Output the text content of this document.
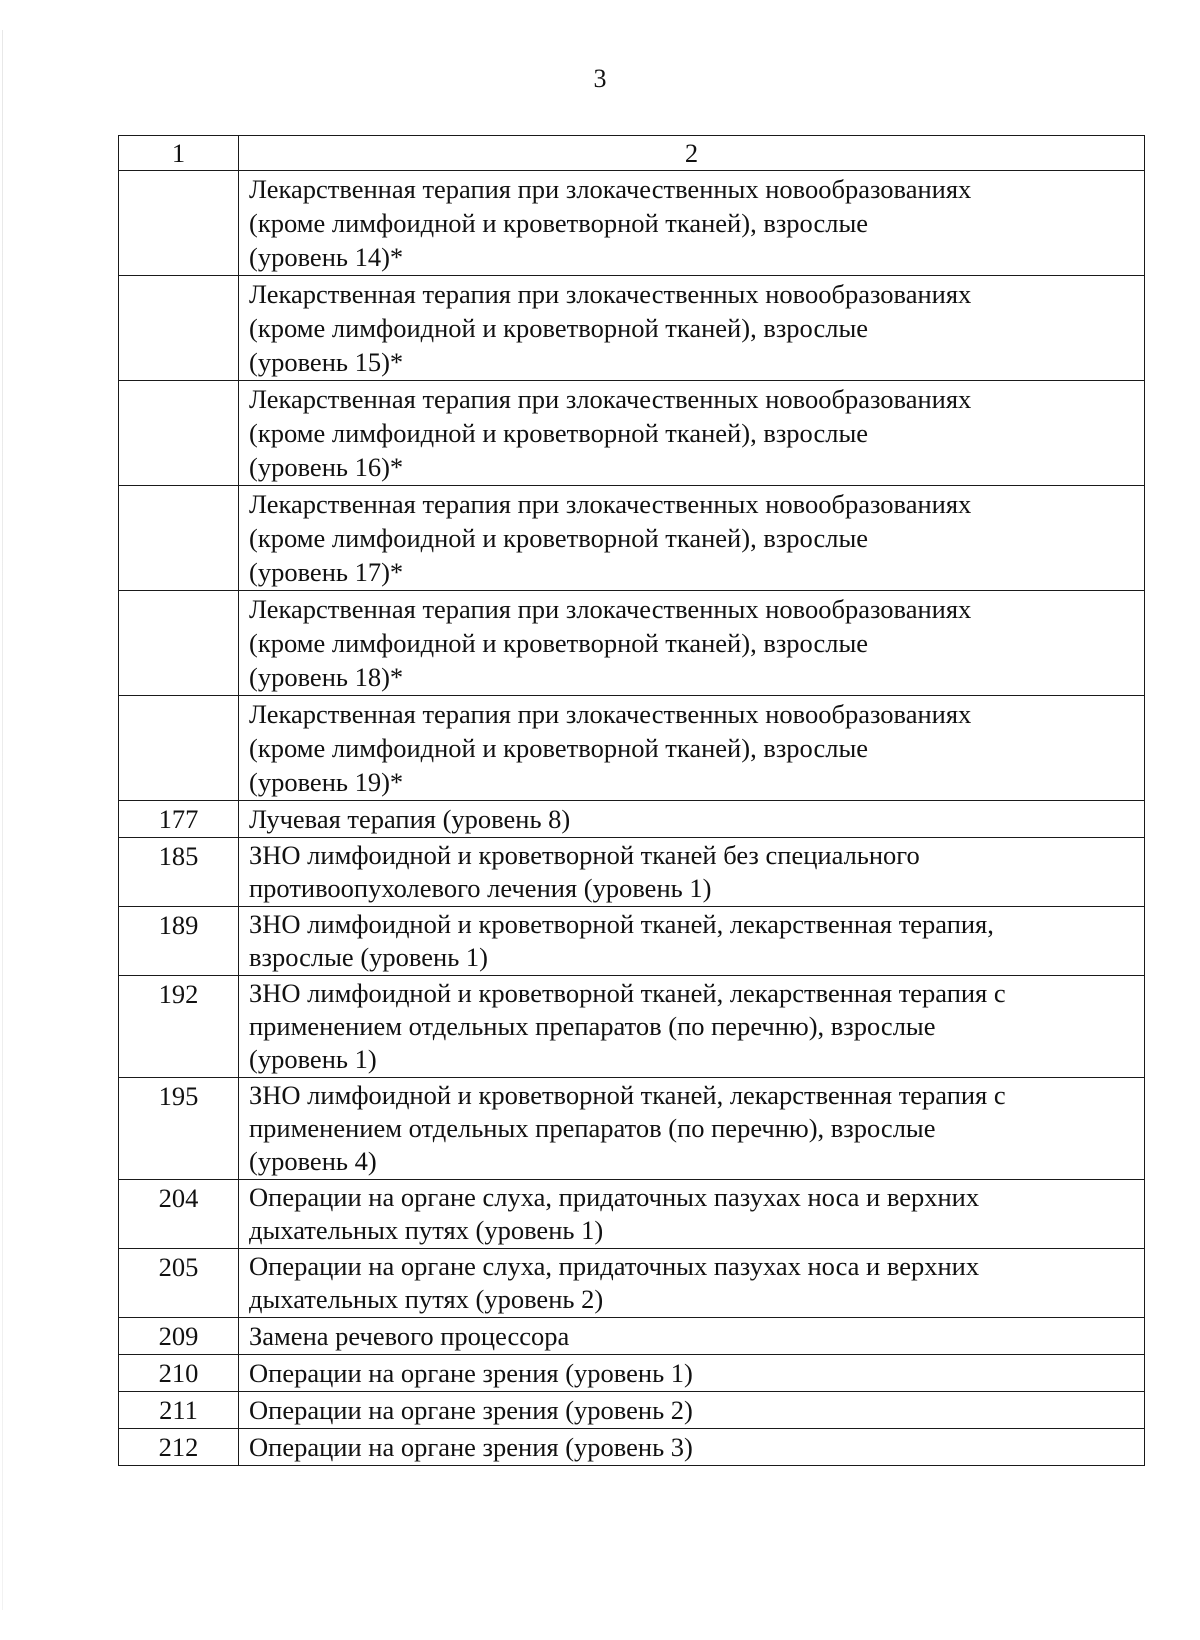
3
1	2

	Лекарственная терапия при злокачественных новообразованиях
(кроме лимфоидной и кроветворной тканей), взрослые
(уровень 14)*

	Лекарственная терапия при злокачественных новообразованиях
(кроме лимфоидной и кроветворной тканей), взрослые
(уровень 15)*

	Лекарственная терапия при злокачественных новообразованиях
(кроме лимфоидной и кроветворной тканей), взрослые
(уровень 16)*

	Лекарственная терапия при злокачественных новообразованиях
(кроме лимфоидной и кроветворной тканей), взрослые
(уровень 17)*

	Лекарственная терапия при злокачественных новообразованиях
(кроме лимфоидной и кроветворной тканей), взрослые
(уровень 18)*

	Лекарственная терапия при злокачественных новообразованиях
(кроме лимфоидной и кроветворной тканей), взрослые
(уровень 19)*

177	Лучевая терапия (уровень 8)

185	ЗНО лимфоидной и кроветворной тканей без специального
противоопухолевого лечения (уровень 1)

189	ЗНО лимфоидной и кроветворной тканей, лекарственная терапия,
взрослые (уровень 1)

192	ЗНО лимфоидной и кроветворной тканей, лекарственная терапия с
применением отдельных препаратов (по перечню), взрослые
(уровень 1)

195	ЗНО лимфоидной и кроветворной тканей, лекарственная терапия с
применением отдельных препаратов (по перечню), взрослые
(уровень 4)

204	Операции на органе слуха, придаточных пазухах носа и верхних
дыхательных путях (уровень 1)

205	Операции на органе слуха, придаточных пазухах носа и верхних
дыхательных путях (уровень 2)

209	Замена речевого процессора

210	Операции на органе зрения (уровень 1)

211	Операции на органе зрения (уровень 2)

212	Операции на органе зрения (уровень 3)
